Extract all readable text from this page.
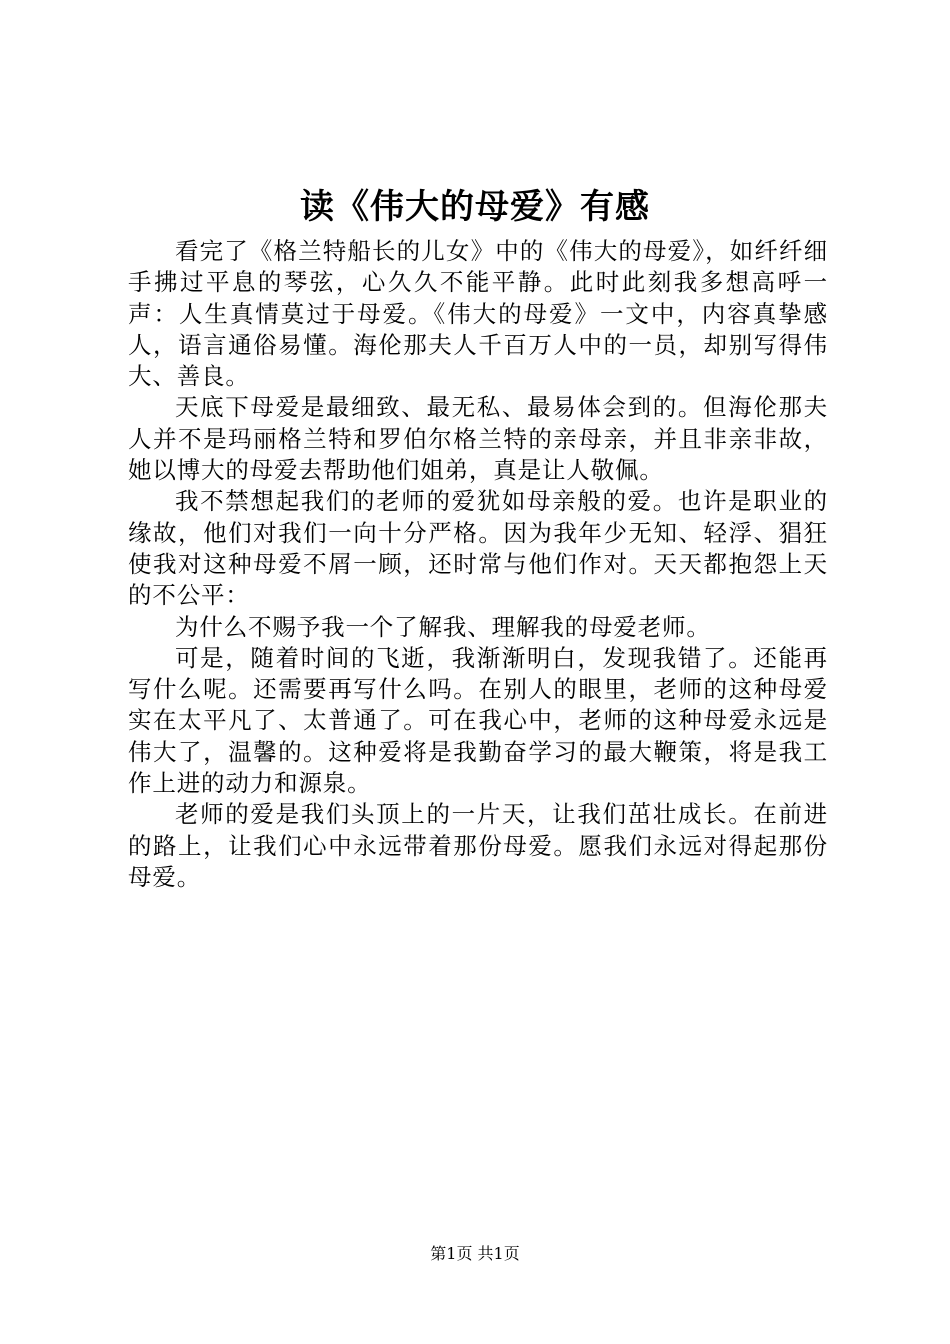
读《伟大的母爱》有感

看完了《格兰特船长的儿女》中的《伟大的母爱》，如纤纤细手拂过平息的琴弦，心久久不能平静。此时此刻我多想高呼一声：人生真情莫过于母爱。《伟大的母爱》一文中，内容真挚感人，语言通俗易懂。海伦那夫人千百万人中的一员，却别写得伟大、善良。

天底下母爱是最细致、最无私、最易体会到的。但海伦那夫人并不是玛丽格兰特和罗伯尔格兰特的亲母亲，并且非亲非故，她以博大的母爱去帮助他们姐弟，真是让人敬佩。

我不禁想起我们的老师的爱犹如母亲般的爱。也许是职业的缘故，他们对我们一向十分严格。因为我年少无知、轻浮、猖狂使我对这种母爱不屑一顾，还时常与他们作对。天天都抱怨上天的不公平：

为什么不赐予我一个了解我、理解我的母爱老师。

可是，随着时间的飞逝，我渐渐明白，发现我错了。还能再写什么呢。还需要再写什么吗。在别人的眼里，老师的这种母爱实在太平凡了、太普通了。可在我心中，老师的这种母爱永远是伟大了，温馨的。这种爱将是我勤奋学习的最大鞭策，将是我工作上进的动力和源泉。

老师的爱是我们头顶上的一片天，让我们茁壮成长。在前进的路上，让我们心中永远带着那份母爱。愿我们永远对得起那份母爱。

第1页 共1页
